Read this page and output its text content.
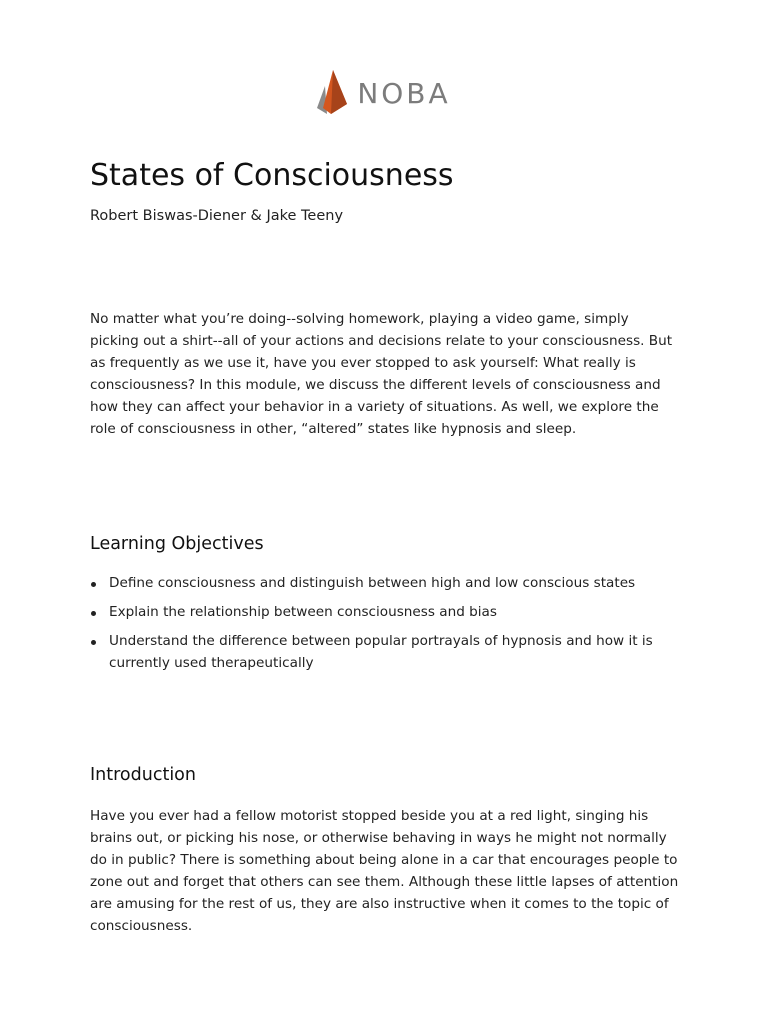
NOBA
States of Consciousness

Robert Biswas-Diener & Jake Teeny

No matter what you’re doing--solving homework, playing a video game, simply picking out a shirt--all of your actions and decisions relate to your consciousness. But as frequently as we use it, have you ever stopped to ask yourself: What really is consciousness? In this module, we discuss the different levels of consciousness and how they can affect your behavior in a variety of situations. As well, we explore the role of consciousness in other, “altered” states like hypnosis and sleep.

Learning Objectives
Define consciousness and distinguish between high and low conscious states
Explain the relationship between consciousness and bias
Understand the difference between popular portrayals of hypnosis and how it is currently used therapeutically
Introduction

Have you ever had a fellow motorist stopped beside you at a red light, singing his brains out, or picking his nose, or otherwise behaving in ways he might not normally do in public? There is something about being alone in a car that encourages people to zone out and forget that others can see them. Although these little lapses of attention are amusing for the rest of us, they are also instructive when it comes to the topic of consciousness.
